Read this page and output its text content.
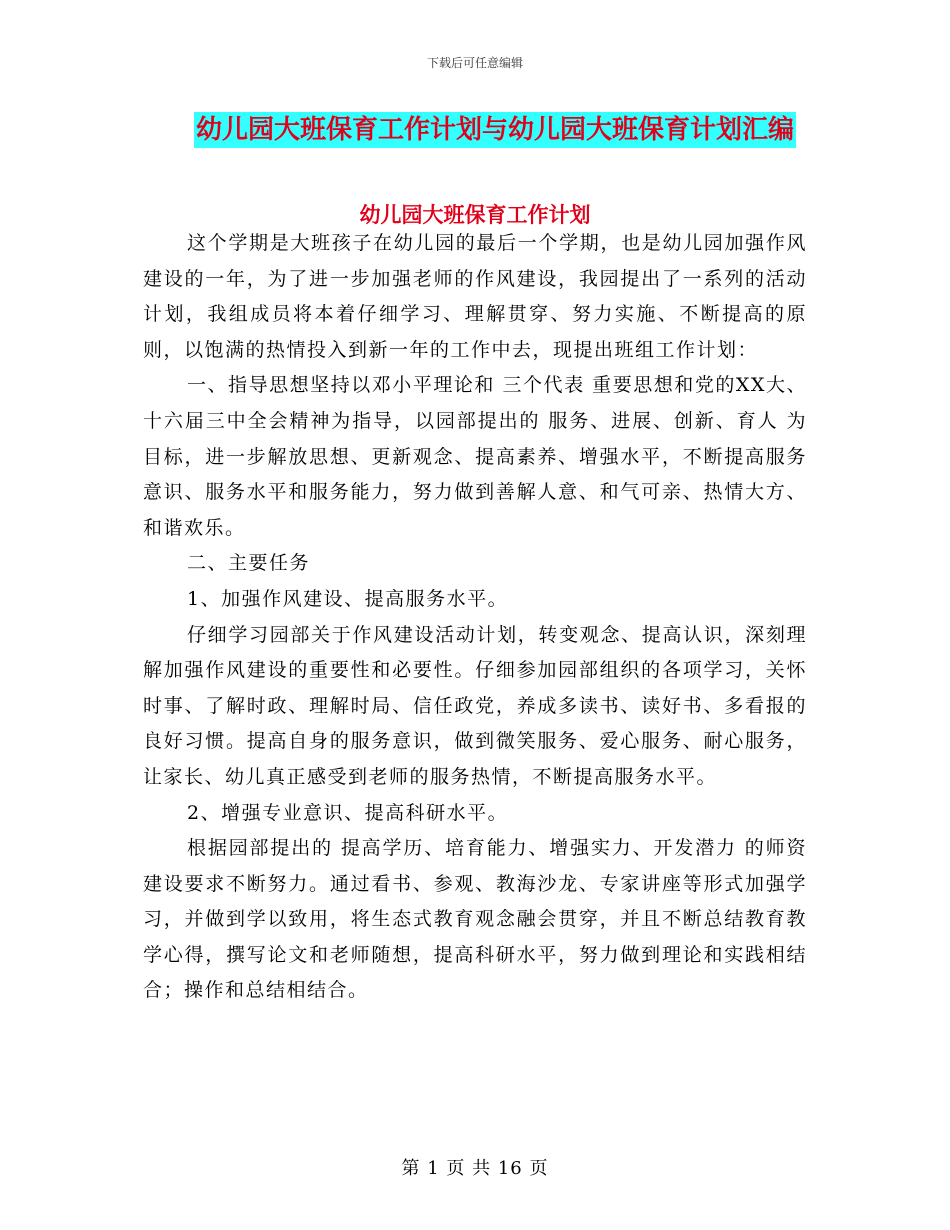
下载后可任意编辑
幼儿园大班保育工作计划与幼儿园大班保育计划汇编
幼儿园大班保育工作计划

这个学期是大班孩子在幼儿园的最后一个学期，也是幼儿园加强作风建设的一年，为了进一步加强老师的作风建设，我园提出了一系列的活动计划，我组成员将本着仔细学习、理解贯穿、努力实施、不断提高的原则，以饱满的热情投入到新一年的工作中去，现提出班组工作计划：

一、指导思想坚持以邓小平理论和 三个代表 重要思想和党的XX大、十六届三中全会精神为指导，以园部提出的 服务、进展、创新、育人 为目标，进一步解放思想、更新观念、提高素养、增强水平，不断提高服务意识、服务水平和服务能力，努力做到善解人意、和气可亲、热情大方、和谐欢乐。

二、主要任务

1、加强作风建设、提高服务水平。

仔细学习园部关于作风建设活动计划，转变观念、提高认识，深刻理解加强作风建设的重要性和必要性。仔细参加园部组织的各项学习，关怀时事、了解时政、理解时局、信任政党，养成多读书、读好书、多看报的良好习惯。提高自身的服务意识，做到微笑服务、爱心服务、耐心服务，让家长、幼儿真正感受到老师的服务热情，不断提高服务水平。

2、增强专业意识、提高科研水平。

根据园部提出的 提高学历、培育能力、增强实力、开发潜力 的师资建设要求不断努力。通过看书、参观、教海沙龙、专家讲座等形式加强学习，并做到学以致用，将生态式教育观念融会贯穿，并且不断总结教育教学心得，撰写论文和老师随想，提高科研水平，努力做到理论和实践相结合；操作和总结相结合。

第 1 页 共 16 页
